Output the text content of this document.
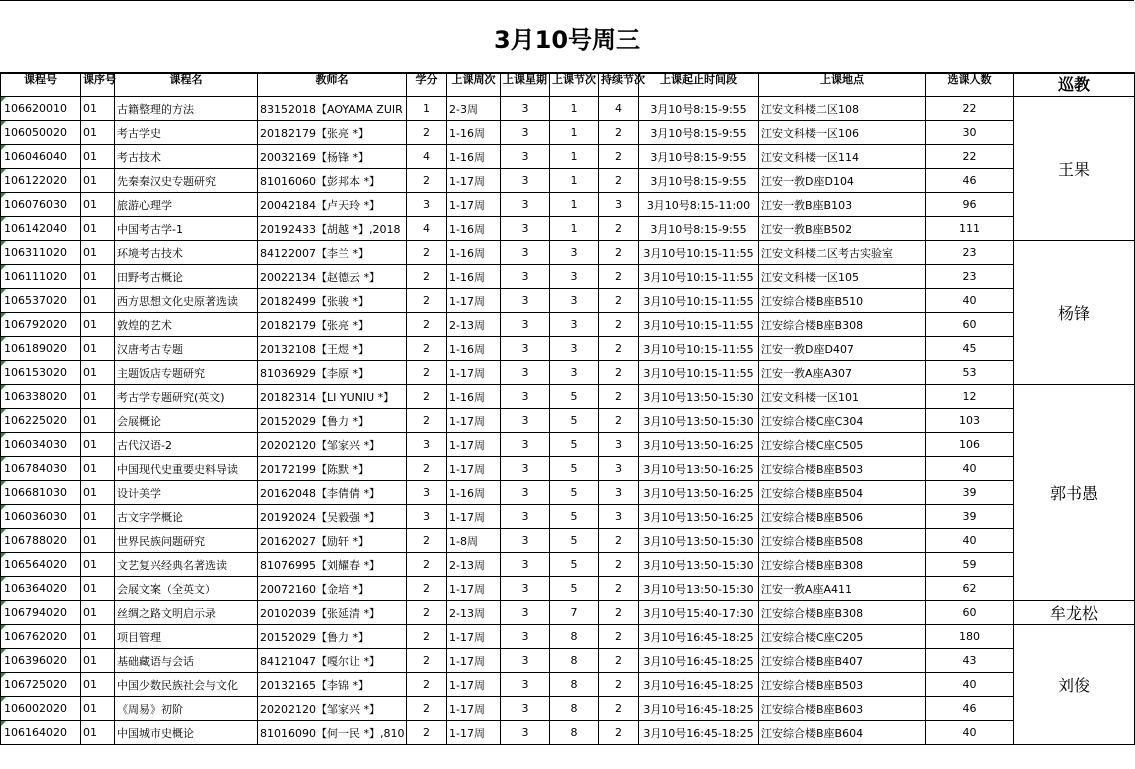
3月10号周三
课程号	课序号	课程名	教师名	学分	上课周次	上课星期	上课节次	持续节次	上课起止时间段	上课地点	选课人数	巡教
106620010	01	古籍整理的方法	83152018【AOYAMA ZUIR	1	2-3周	3	1	4	3月10号8:15-9:55	江安文科楼二区108	22	王果
106050020	01	考古学史	20182179【张亮 *】	2	1-16周	3	1	2	3月10号8:15-9:55	江安文科楼一区106	30	
106046040	01	考古技术	20032169【杨锋 *】	4	1-16周	3	1	2	3月10号8:15-9:55	江安文科楼一区114	22	
106122020	01	先秦秦汉史专题研究	81016060【彭邦本 *】	2	1-17周	3	1	2	3月10号8:15-9:55	江安一教D座D104	46	
106076030	01	旅游心理学	20042184【卢天玲 *】	3	1-17周	3	1	3	3月10号8:15-11:00	江安一教B座B103	96	
106142040	01	中国考古学-1	20192433【胡越 *】,2018	4	1-16周	3	1	2	3月10号8:15-9:55	江安一教B座B502	111	
106311020	01	环境考古技术	84122007【李兰 *】	2	1-16周	3	3	2	3月10号10:15-11:55	江安文科楼二区考古实验室	23	杨锋
106111020	01	田野考古概论	20022134【赵德云 *】	2	1-16周	3	3	2	3月10号10:15-11:55	江安文科楼一区105	23	
106537020	01	西方思想文化史原著选读	20182499【张骏 *】	2	1-17周	3	3	2	3月10号10:15-11:55	江安综合楼B座B510	40	
106792020	01	敦煌的艺术	20182179【张亮 *】	2	2-13周	3	3	2	3月10号10:15-11:55	江安综合楼B座B308	60	
106189020	01	汉唐考古专题	20132108【王煜 *】	2	1-16周	3	3	2	3月10号10:15-11:55	江安一教D座D407	45	
106153020	01	主题饭店专题研究	81036929【李原 *】	2	1-17周	3	3	2	3月10号10:15-11:55	江安一教A座A307	53	
106338020	01	考古学专题研究(英文)	20182314【LI YUNIU *】	2	1-16周	3	5	2	3月10号13:50-15:30	江安文科楼一区101	12	郭书愚
106225020	01	会展概论	20152029【鲁力 *】	2	1-17周	3	5	2	3月10号13:50-15:30	江安综合楼C座C304	103	
106034030	01	古代汉语-2	20202120【邹家兴 *】	3	1-17周	3	5	3	3月10号13:50-16:25	江安综合楼C座C505	106	
106784030	01	中国现代史重要史料导读	20172199【陈默 *】	2	1-17周	3	5	3	3月10号13:50-16:25	江安综合楼B座B503	40	
106681030	01	设计美学	20162048【李倩倩 *】	3	1-16周	3	5	3	3月10号13:50-16:25	江安综合楼B座B504	39	
106036030	01	古文字学概论	20192024【吴毅强 *】	3	1-17周	3	5	3	3月10号13:50-16:25	江安综合楼B座B506	39	
106788020	01	世界民族问题研究	20162027【励轩 *】	2	1-8周	3	5	2	3月10号13:50-15:30	江安综合楼B座B508	40	
106564020	01	文艺复兴经典名著选读	81076995【刘耀春 *】	2	2-13周	3	5	2	3月10号13:50-15:30	江安综合楼B座B308	59	
106364020	01	会展文案（全英文）	20072160【金培 *】	2	1-17周	3	5	2	3月10号13:50-15:30	江安一教A座A411	62	
106794020	01	丝绸之路文明启示录	20102039【张延清 *】	2	2-13周	3	7	2	3月10号15:40-17:30	江安综合楼B座B308	60	牟龙松
106762020	01	项目管理	20152029【鲁力 *】	2	1-17周	3	8	2	3月10号16:45-18:25	江安综合楼C座C205	180	刘俊
106396020	01	基础藏语与会话	84121047【嘎尔让 *】	2	1-17周	3	8	2	3月10号16:45-18:25	江安综合楼B座B407	43	
106725020	01	中国少数民族社会与文化	20132165【李锦 *】	2	1-17周	3	8	2	3月10号16:45-18:25	江安综合楼B座B503	40	
106002020	01	《周易》初阶	20202120【邹家兴 *】	2	1-17周	3	8	2	3月10号16:45-18:25	江安综合楼B座B603	46	
106164020	01	中国城市史概论	81016090【何一民 *】,810	2	1-17周	3	8	2	3月10号16:45-18:25	江安综合楼B座B604	40	
